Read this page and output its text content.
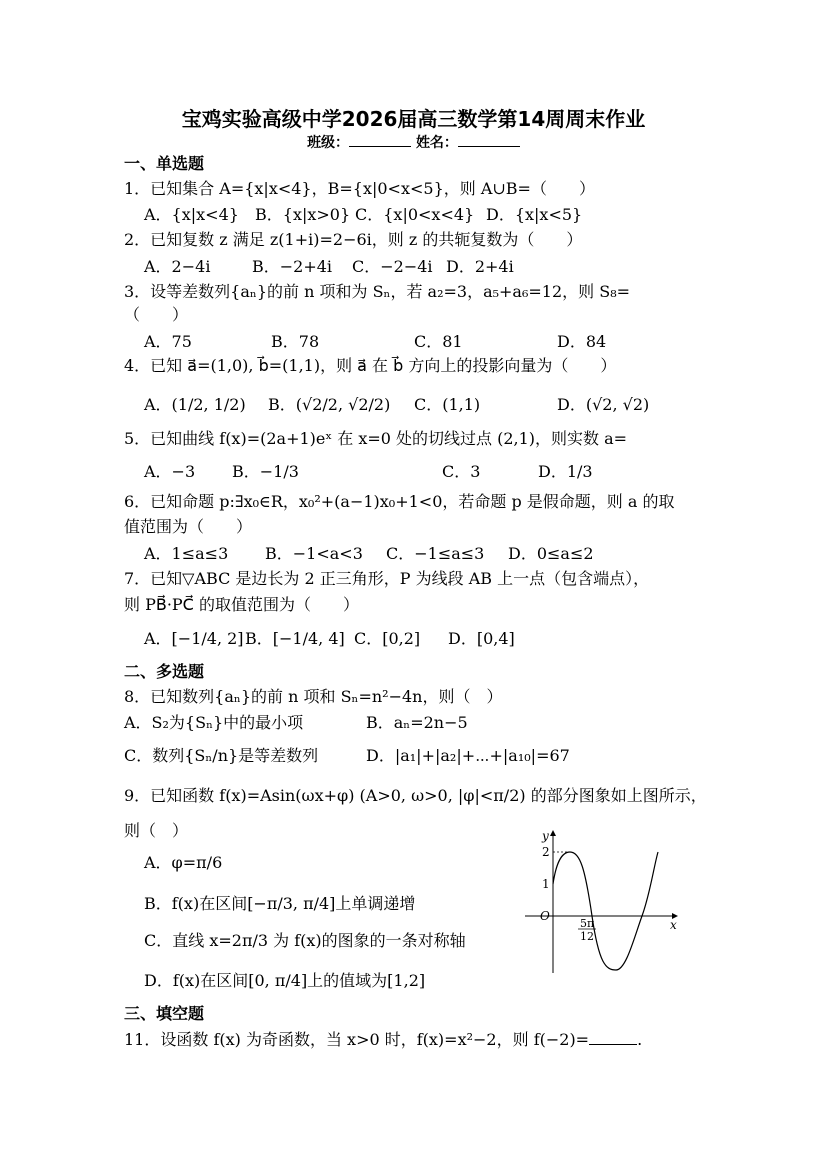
宝鸡实验高级中学2026届高三数学第14周周末作业
班级：	姓名：
一、单选题
1．已知集合 A={x|x<4}，B={x|0<x<5}，则 A∪B=（　　）
A．{x|x<4} B．{x|x>0} C．{x|0<x<4} D．{x|x<5}
2．已知复数 z 满足 z(1+i)=2−6i，则 z 的共轭复数为（　　）
A．2−4i	B．−2+4i C．−2−4i D．2+4i
3．设等差数列{aₙ}的前 n 项和为 Sₙ，若 a₂=3，a₅+a₆=12，则 S₈=
（　　）
A．75	B．78	C．81	D．84
4．已知 a⃗=(1,0), b⃗=(1,1)，则 a⃗ 在 b⃗ 方向上的投影向量为（　　）
A．(1/2, 1/2) B．(√2/2, √2/2) C．(1,1)	D．(√2, √2)
5．已知曲线 f(x)=(2a+1)eˣ 在 x=0 处的切线过点 (2,1)，则实数 a=
A．−3 B．−1/3	C．3	D．1/3
6．已知命题 p:∃x₀∈R，x₀²+(a−1)x₀+1<0，若命题 p 是假命题，则 a 的取
值范围为（　　）
A．1≤a≤3 B．−1<a<3 C．−1≤a≤3 D．0≤a≤2
7．已知▽ABC 是边长为 2 正三角形，P 为线段 AB 上一点（包含端点），
则 PB⃗·PC⃗ 的取值范围为（　　）
A．[−1/4, 2] B．[−1/4, 4] C．[0,2] D．[0,4]
二、多选题
8．已知数列{aₙ}的前 n 项和 Sₙ=n²−4n，则（　）
A．S₂为{Sₙ}中的最小项	B．aₙ=2n−5
C．数列{Sₙ/n}是等差数列	D．|a₁|+|a₂|+⋯+|a₁₀|=67
9．已知函数 f(x)=Asin(ωx+φ) (A>0, ω>0, |φ|<π/2) 的部分图象如上图所示，
则（　）
A．φ=π/6
B．f(x)在区间[−π/3, π/4]上单调递增
C．直线 x=2π/3 为 f(x)的图象的一条对称轴
D．f(x)在区间[0, π/4]上的值域为[1,2]
y
x
O
2
1
5π
12
三、填空题
11．设函数 f(x) 为奇函数，当 x>0 时，f(x)=x²−2，则 f(−2)=	.
